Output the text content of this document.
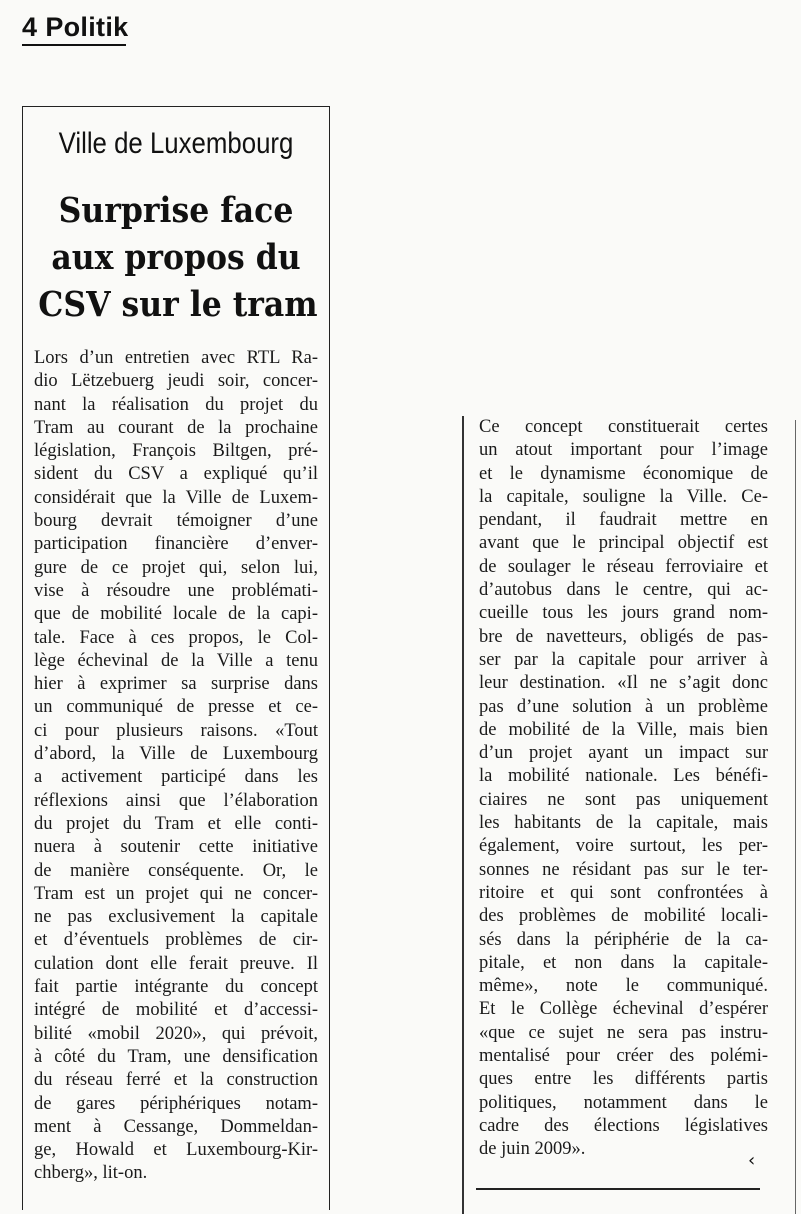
4 Politik
Ville de Luxembourg
Surprise face
aux propos du
CSV sur le tram
Lors d’un entretien avec RTL Ra-
dio Lëtzebuerg jeudi soir, concer-
nant la réalisation du projet du
Tram au courant de la prochaine
législation, François Biltgen, pré-
sident du CSV a expliqué qu’il
considérait que la Ville de Luxem-
bourg devrait témoigner d’une
participation financière d’enver-
gure de ce projet qui, selon lui,
vise à résoudre une problémati-
que de mobilité locale de la capi-
tale. Face à ces propos, le Col-
lège échevinal de la Ville a tenu
hier à exprimer sa surprise dans
un communiqué de presse et ce-
ci pour plusieurs raisons. «Tout
d’abord, la Ville de Luxembourg
a activement participé dans les
réflexions ainsi que l’élaboration
du projet du Tram et elle conti-
nuera à soutenir cette initiative
de manière conséquente. Or, le
Tram est un projet qui ne concer-
ne pas exclusivement la capitale
et d’éventuels problèmes de cir-
culation dont elle ferait preuve. Il
fait partie intégrante du concept
intégré de mobilité et d’accessi-
bilité «mobil 2020», qui prévoit,
à côté du Tram, une densification
du réseau ferré et la construction
de gares périphériques notam-
ment à Cessange, Dommeldan-
ge, Howald et Luxembourg-Kir-
chberg», lit-on.
Ce concept constituerait certes
un atout important pour l’image
et le dynamisme économique de
la capitale, souligne la Ville. Ce-
pendant, il faudrait mettre en
avant que le principal objectif est
de soulager le réseau ferroviaire et
d’autobus dans le centre, qui ac-
cueille tous les jours grand nom-
bre de navetteurs, obligés de pas-
ser par la capitale pour arriver à
leur destination. «Il ne s’agit donc
pas d’une solution à un problème
de mobilité de la Ville, mais bien
d’un projet ayant un impact sur
la mobilité nationale. Les bénéfi-
ciaires ne sont pas uniquement
les habitants de la capitale, mais
également, voire surtout, les per-
sonnes ne résidant pas sur le ter-
ritoire et qui sont confrontées à
des problèmes de mobilité locali-
sés dans la périphérie de la ca-
pitale, et non dans la capitale-
même», note le communiqué.
Et le Collège échevinal d’espérer
«que ce sujet ne sera pas instru-
mentalisé pour créer des polémi-
ques entre les différents partis
politiques, notamment dans le
cadre des élections législatives
de juin 2009».
‹
